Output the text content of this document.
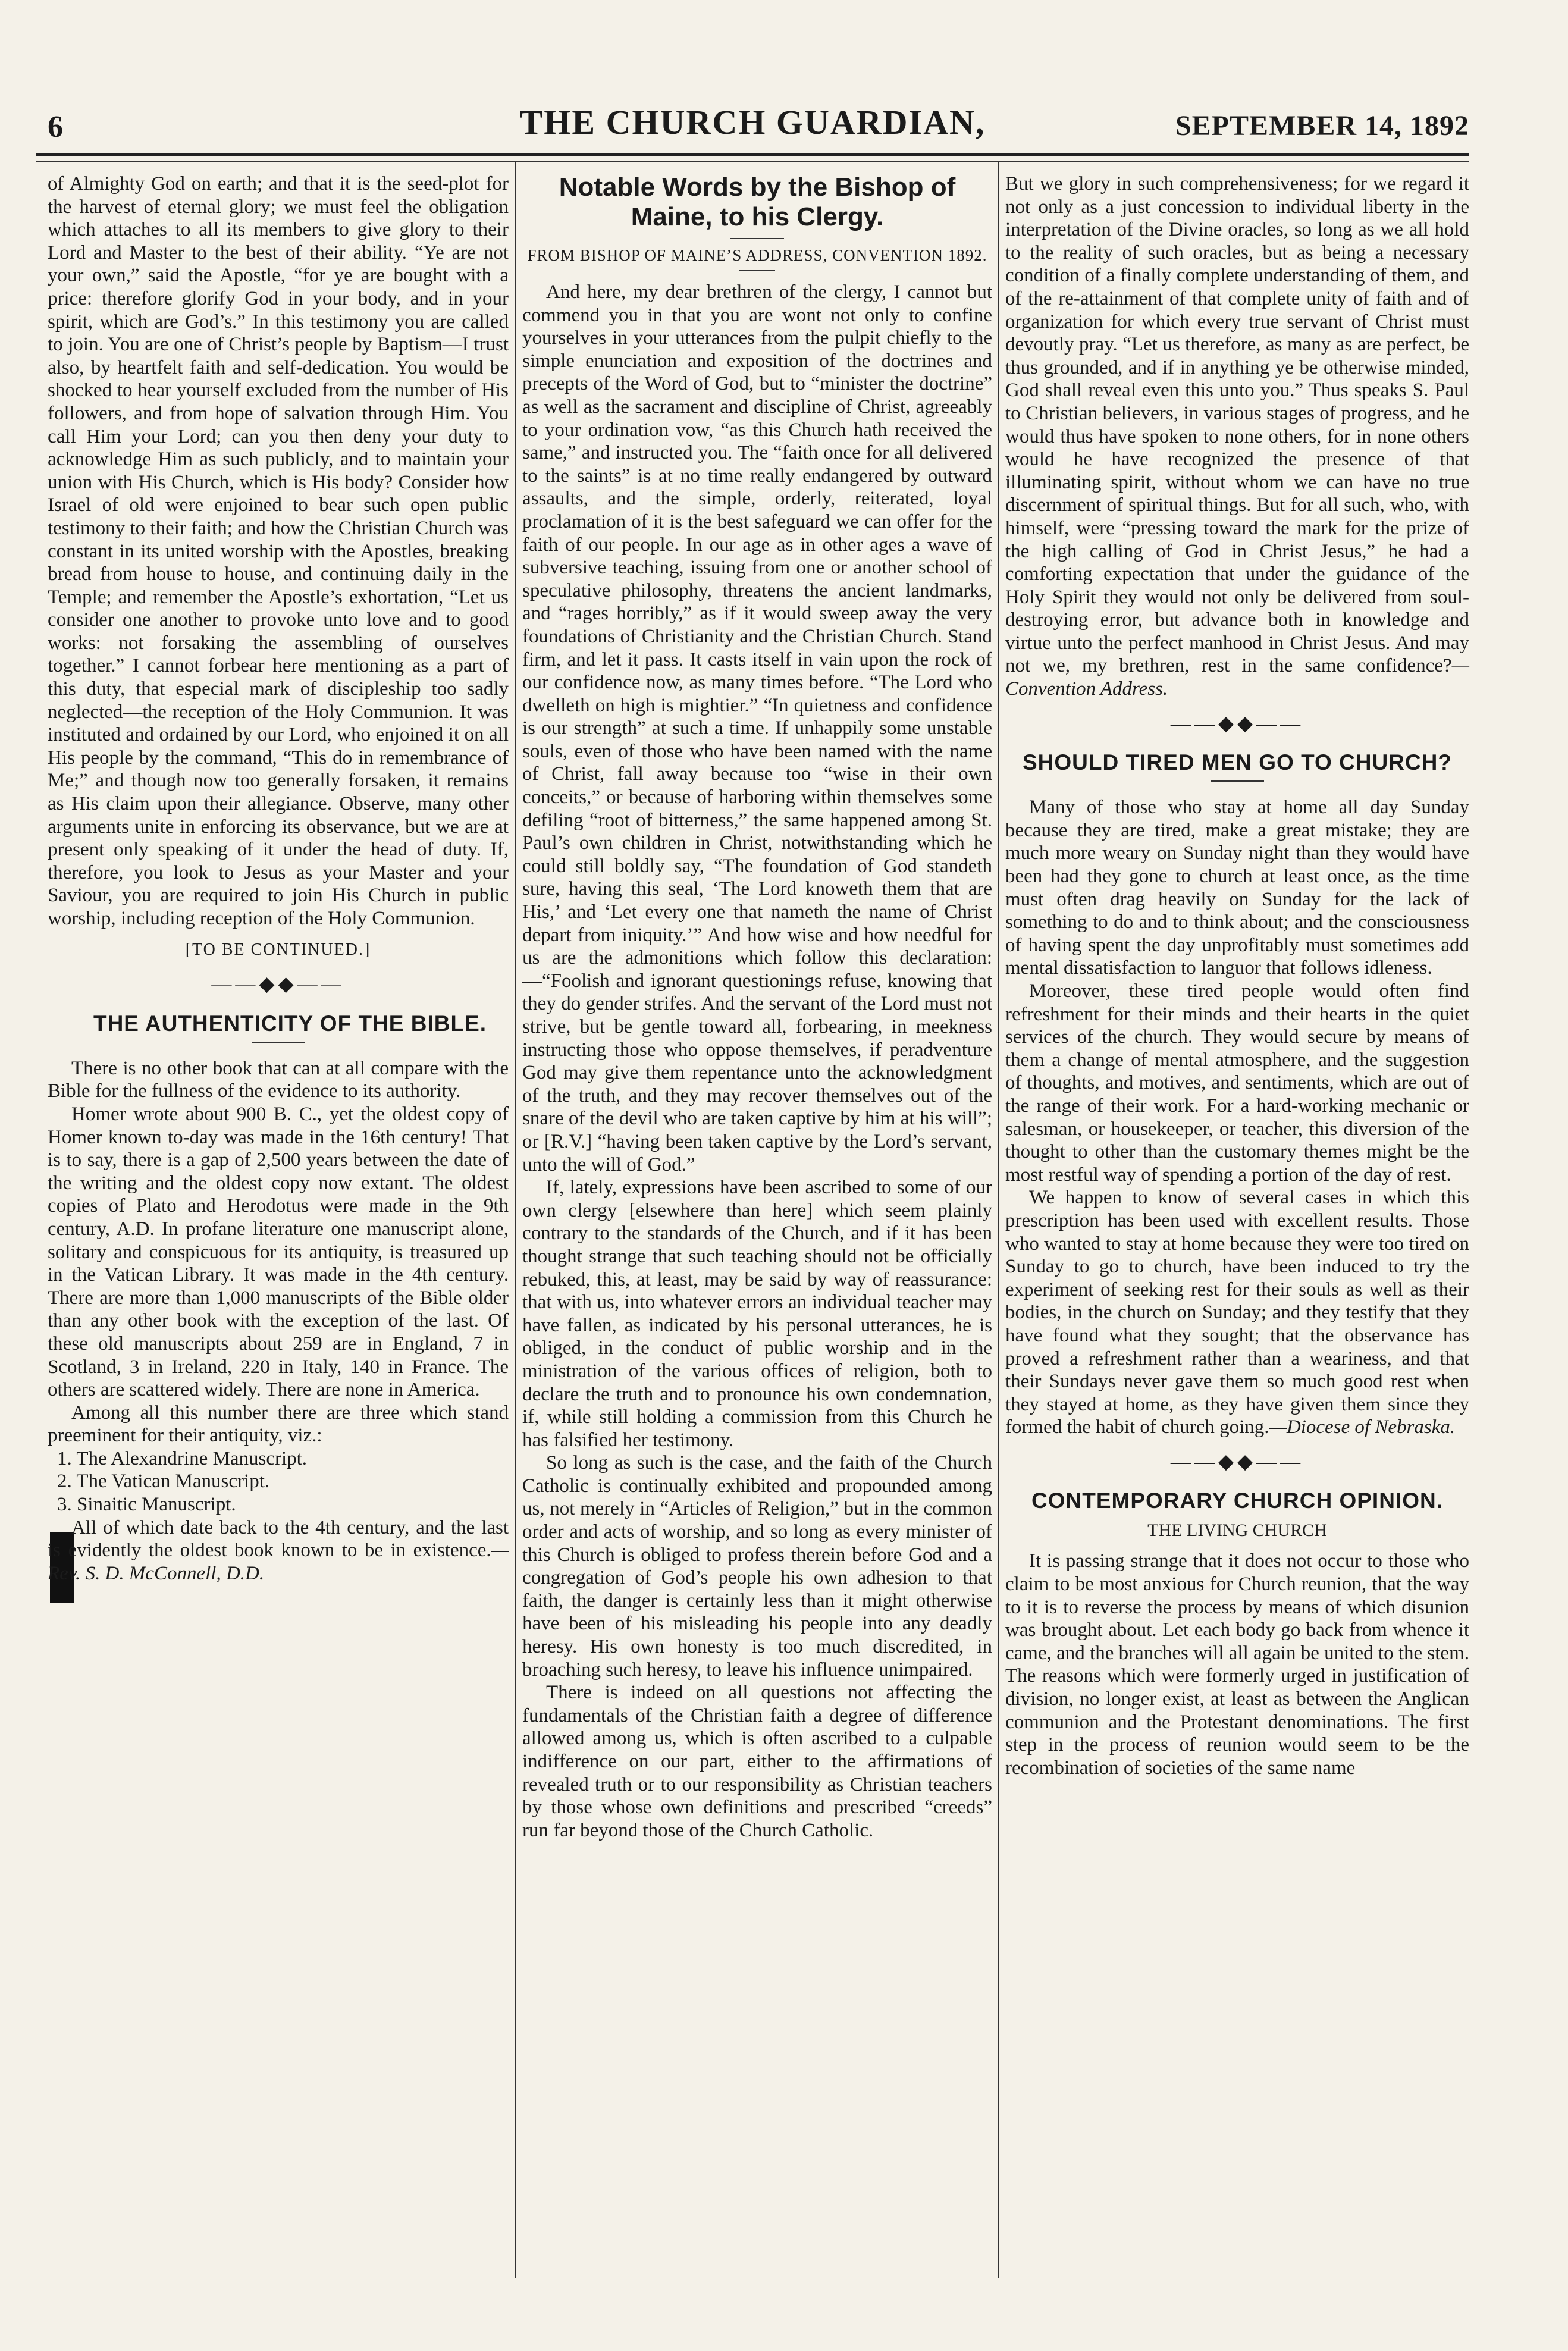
6	THE CHURCH GUARDIAN,	SEPTEMBER 14, 1892

of Almighty God on earth; and that it is the seed-plot for the harvest of eternal glory; we must feel the obligation which attaches to all its members to give glory to their Lord and Master to the best of their ability. “Ye are not your own,” said the Apostle, “for ye are bought with a price: therefore glorify God in your body, and in your spirit, which are God’s.” In this testimony you are called to join. You are one of Christ’s people by Baptism—I trust also, by heartfelt faith and self-dedication. You would be shocked to hear yourself excluded from the number of His followers, and from hope of salvation through Him. You call Him your Lord; can you then deny your duty to acknowledge Him as such publicly, and to maintain your union with His Church, which is His body? Consider how Israel of old were enjoined to bear such open public testimony to their faith; and how the Christian Church was constant in its united worship with the Apostles, breaking bread from house to house, and continuing daily in the Temple; and remember the Apostle’s exhortation, “Let us consider one another to provoke unto love and to good works: not forsaking the assembling of ourselves together.” I cannot forbear here mentioning as a part of this duty, that especial mark of discipleship too sadly neglected—the reception of the Holy Communion. It was instituted and ordained by our Lord, who enjoined it on all His people by the command, “This do in remembrance of Me;” and though now too generally forsaken, it remains as His claim upon their allegiance. Observe, many other arguments unite in enforcing its observance, but we are at present only speaking of it under the head of duty. If, therefore, you look to Jesus as your Master and your Saviour, you are required to join His Church in public worship, including reception of the Holy Communion.

[TO BE CONTINUED.]
——◆◆——
THE AUTHENTICITY OF THE BIBLE.

There is no other book that can at all compare with the Bible for the fullness of the evidence to its authority.

Homer wrote about 900 B. C., yet the oldest copy of Homer known to-day was made in the 16th century! That is to say, there is a gap of 2,500 years between the date of the writing and the oldest copy now extant. The oldest copies of Plato and Herodotus were made in the 9th century, A.D. In profane literature one manuscript alone, solitary and conspicuous for its antiquity, is treasured up in the Vatican Library. It was made in the 4th century. There are more than 1,000 manuscripts of the Bible older than any other book with the exception of the last. Of these old manuscripts about 259 are in England, 7 in Scotland, 3 in Ireland, 220 in Italy, 140 in France. The others are scattered widely. There are none in America.

Among all this number there are three which stand preeminent for their antiquity, viz.:

1. The Alexandrine Manuscript.

2. The Vatican Manuscript.

3. Sinaitic Manuscript.

All of which date back to the 4th century, and the last is evidently the oldest book known to be in existence.—Rev. S. D. McConnell, D.D.

Notable Words by the Bishop of Maine, to his Clergy.
FROM BISHOP OF MAINE’S ADDRESS, CONVENTION 1892.

And here, my dear brethren of the clergy, I cannot but commend you in that you are wont not only to confine yourselves in your utterances from the pulpit chiefly to the simple enunciation and exposition of the doctrines and precepts of the Word of God, but to “minister the doctrine” as well as the sacrament and discipline of Christ, agreeably to your ordination vow, “as this Church hath received the same,” and instructed you. The “faith once for all delivered to the saints” is at no time really endangered by outward assaults, and the simple, orderly, reiterated, loyal proclamation of it is the best safeguard we can offer for the faith of our people. In our age as in other ages a wave of subversive teaching, issuing from one or another school of speculative philosophy, threatens the ancient landmarks, and “rages horribly,” as if it would sweep away the very foundations of Christianity and the Christian Church. Stand firm, and let it pass. It casts itself in vain upon the rock of our confidence now, as many times before. “The Lord who dwelleth on high is mightier.” “In quietness and confidence is our strength” at such a time. If unhappily some unstable souls, even of those who have been named with the name of Christ, fall away because too “wise in their own conceits,” or because of harboring within themselves some defiling “root of bitterness,” the same happened among St. Paul’s own children in Christ, notwithstanding which he could still boldly say, “The foundation of God standeth sure, having this seal, ‘The Lord knoweth them that are His,’ and ‘Let every one that nameth the name of Christ depart from iniquity.’” And how wise and how needful for us are the admonitions which follow this declaration:—“Foolish and ignorant questionings refuse, knowing that they do gender strifes. And the servant of the Lord must not strive, but be gentle toward all, forbearing, in meekness instructing those who oppose themselves, if peradventure God may give them repentance unto the acknowledgment of the truth, and they may recover themselves out of the snare of the devil who are taken captive by him at his will”; or [R.V.] “having been taken captive by the Lord’s servant, unto the will of God.”

If, lately, expressions have been ascribed to some of our own clergy [elsewhere than here] which seem plainly contrary to the standards of the Church, and if it has been thought strange that such teaching should not be officially rebuked, this, at least, may be said by way of reassurance: that with us, into whatever errors an individual teacher may have fallen, as indicated by his personal utterances, he is obliged, in the conduct of public worship and in the ministration of the various offices of religion, both to declare the truth and to pronounce his own condemnation, if, while still holding a commission from this Church he has falsified her testimony.

So long as such is the case, and the faith of the Church Catholic is continually exhibited and propounded among us, not merely in “Articles of Religion,” but in the common order and acts of worship, and so long as every minister of this Church is obliged to profess therein before God and a congregation of God’s people his own adhesion to that faith, the danger is certainly less than it might otherwise have been of his misleading his people into any deadly heresy. His own honesty is too much discredited, in broaching such heresy, to leave his influence unimpaired.

There is indeed on all questions not affecting the fundamentals of the Christian faith a degree of difference allowed among us, which is often ascribed to a culpable indifference on our part, either to the affirmations of revealed truth or to our responsibility as Christian teachers by those whose own definitions and prescribed “creeds” run far beyond those of the Church Catholic.

But we glory in such comprehensiveness; for we regard it not only as a just concession to individual liberty in the interpretation of the Divine oracles, so long as we all hold to the reality of such oracles, but as being a necessary condition of a finally complete understanding of them, and of the re-attainment of that complete unity of faith and of organization for which every true servant of Christ must devoutly pray. “Let us therefore, as many as are perfect, be thus grounded, and if in anything ye be otherwise minded, God shall reveal even this unto you.” Thus speaks S. Paul to Christian believers, in various stages of progress, and he would thus have spoken to none others, for in none others would he have recognized the presence of that illuminating spirit, without whom we can have no true discernment of spiritual things. But for all such, who, with himself, were “pressing toward the mark for the prize of the high calling of God in Christ Jesus,” he had a comforting expectation that under the guidance of the Holy Spirit they would not only be delivered from soul-destroying error, but advance both in knowledge and virtue unto the perfect manhood in Christ Jesus. And may not we, my brethren, rest in the same confidence?—Convention Address.

——◆◆——
SHOULD TIRED MEN GO TO CHURCH?

Many of those who stay at home all day Sunday because they are tired, make a great mistake; they are much more weary on Sunday night than they would have been had they gone to church at least once, as the time must often drag heavily on Sunday for the lack of something to do and to think about; and the consciousness of having spent the day unprofitably must sometimes add mental dissatisfaction to languor that follows idleness.

Moreover, these tired people would often find refreshment for their minds and their hearts in the quiet services of the church. They would secure by means of them a change of mental atmosphere, and the suggestion of thoughts, and motives, and sentiments, which are out of the range of their work. For a hard-working mechanic or salesman, or housekeeper, or teacher, this diversion of the thought to other than the customary themes might be the most restful way of spending a portion of the day of rest.

We happen to know of several cases in which this prescription has been used with excellent results. Those who wanted to stay at home because they were too tired on Sunday to go to church, have been induced to try the experiment of seeking rest for their souls as well as their bodies, in the church on Sunday; and they testify that they have found what they sought; that the observance has proved a refreshment rather than a weariness, and that their Sundays never gave them so much good rest when they stayed at home, as they have given them since they formed the habit of church going.—Diocese of Nebraska.

——◆◆——
CONTEMPORARY CHURCH OPINION.
THE LIVING CHURCH

It is passing strange that it does not occur to those who claim to be most anxious for Church reunion, that the way to it is to reverse the process by means of which disunion was brought about. Let each body go back from whence it came, and the branches will all again be united to the stem. The reasons which were formerly urged in justification of division, no longer exist, at least as between the Anglican communion and the Protestant denominations. The first step in the process of reunion would seem to be the recombination of societies of the same name
